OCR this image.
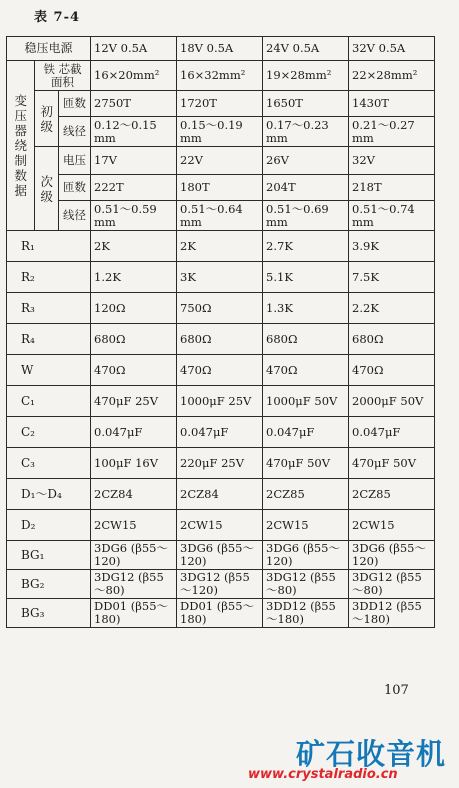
表 7-4
稳压电源			12V 0.5A	18V 0.5A	24V 0.5A	32V 0.5A
变压器绕制数据	铁 芯截面积		16×20mm²	16×32mm²	19×28mm²	22×28mm²
	初级	匝数	2750T	1720T	1650T	1430T
		线径	0.12～0.15 mm	0.15～0.19 mm	0.17～0.23 mm	0.21～0.27 mm
	次级	电压	17V	22V	26V	32V
		匝数	222T	180T	204T	218T
		线径	0.51～0.59 mm	0.51～0.64 mm	0.51～0.69 mm	0.51～0.74 mm
R₁			2K	2K	2.7K	3.9K
R₂			1.2K	3K	5.1K	7.5K
R₃			120Ω	750Ω	1.3K	2.2K
R₄			680Ω	680Ω	680Ω	680Ω
W			470Ω	470Ω	470Ω	470Ω
C₁			470μF 25V	1000μF 25V	1000μF 50V	2000μF 50V
C₂			0.047μF	0.047μF	0.047μF	0.047μF
C₃			100μF 16V	220μF 25V	470μF 50V	470μF 50V
D₁～D₄			2CZ84	2CZ84	2CZ85	2CZ85
D₂			2CW15	2CW15	2CW15	2CW15
BG₁			3DG6 (β55～120)	3DG6 (β55～120)	3DG6 (β55～120)	3DG6 (β55～120)
BG₂			3DG12 (β55～80)	3DG12 (β55～120)	3DG12 (β55～80)	3DG12 (β55～80)
BG₃			DD01 (β55～180)	DD01 (β55～180)	3DD12 (β55～180)	3DD12 (β55～180)
107
矿石收音机
www.crystalradio.cn
